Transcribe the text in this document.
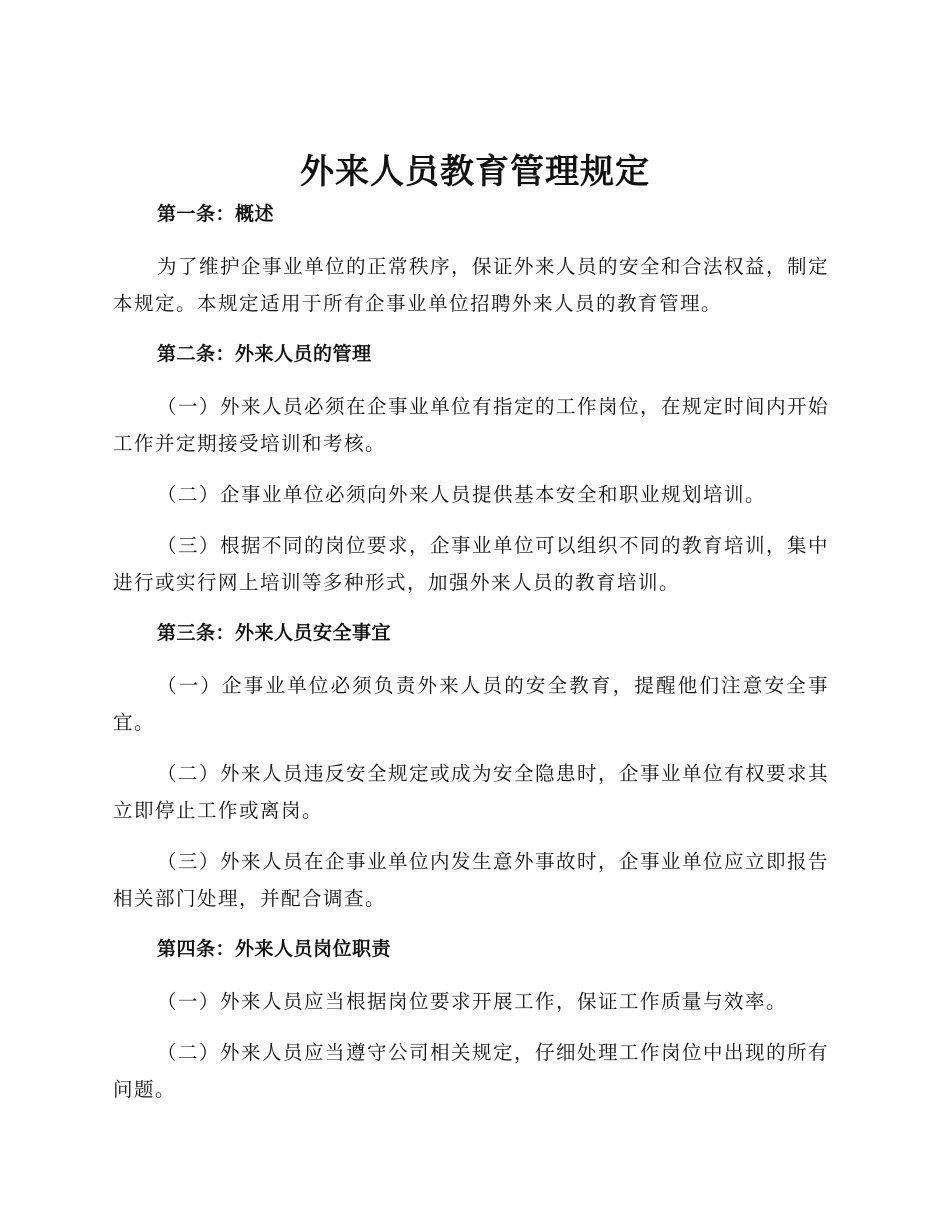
外来人员教育管理规定
第一条：概述

为了维护企事业单位的正常秩序，保证外来人员的安全和合法权益，制定本规定。本规定适用于所有企事业单位招聘外来人员的教育管理。

第二条：外来人员的管理

（一）外来人员必须在企事业单位有指定的工作岗位，在规定时间内开始工作并定期接受培训和考核。

（二）企事业单位必须向外来人员提供基本安全和职业规划培训。

（三）根据不同的岗位要求，企事业单位可以组织不同的教育培训，集中进行或实行网上培训等多种形式，加强外来人员的教育培训。

第三条：外来人员安全事宜

（一）企事业单位必须负责外来人员的安全教育，提醒他们注意安全事宜。

（二）外来人员违反安全规定或成为安全隐患时，企事业单位有权要求其立即停止工作或离岗。

（三）外来人员在企事业单位内发生意外事故时，企事业单位应立即报告相关部门处理，并配合调查。

第四条：外来人员岗位职责

（一）外来人员应当根据岗位要求开展工作，保证工作质量与效率。

（二）外来人员应当遵守公司相关规定，仔细处理工作岗位中出现的所有问题。
